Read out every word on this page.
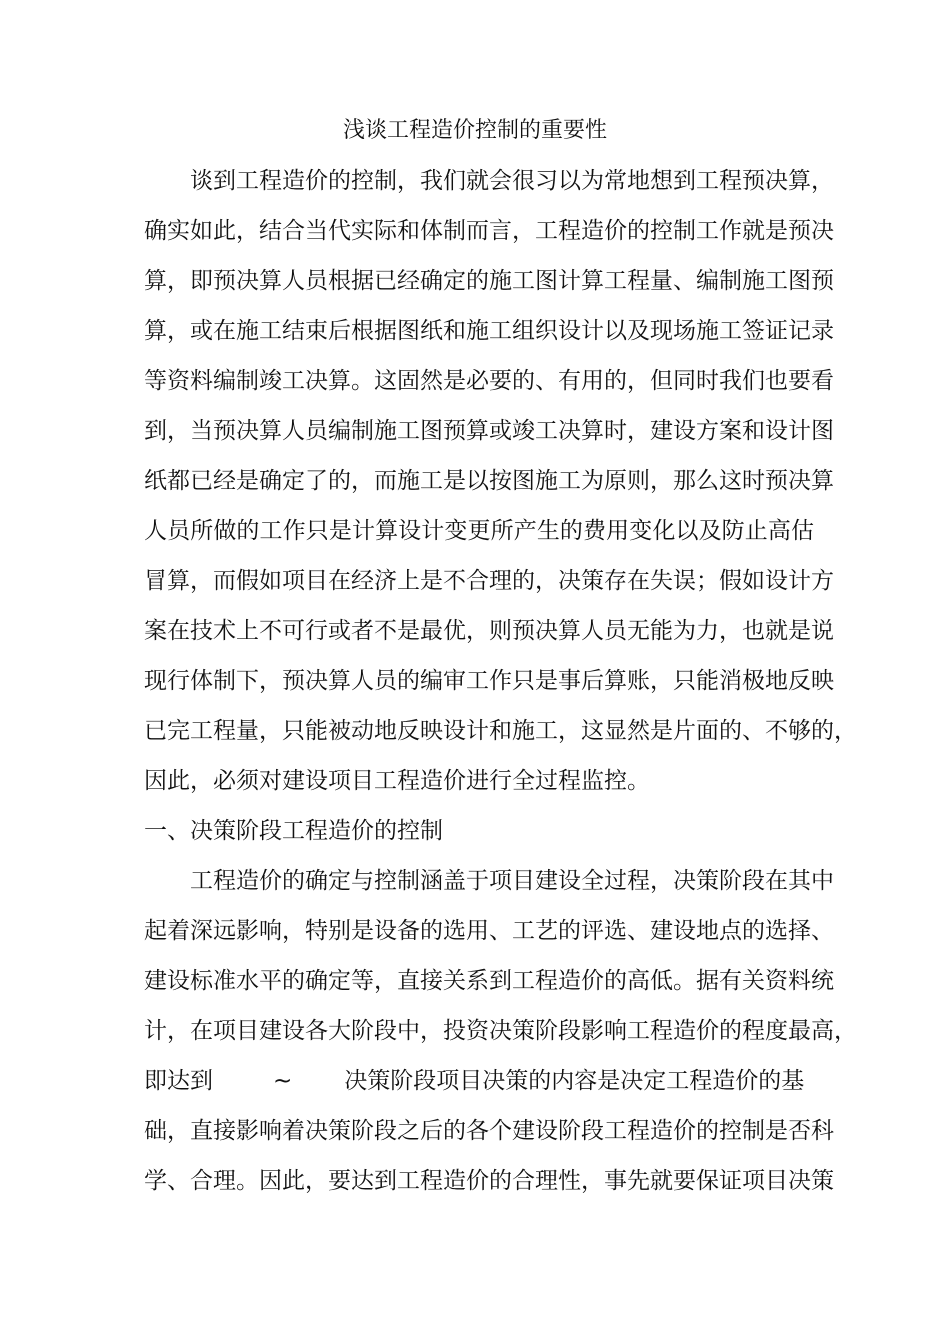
浅谈工程造价控制的重要性
谈到工程造价的控制，我们就会很习以为常地想到工程预决算，
确实如此，结合当代实际和体制而言，工程造价的控制工作就是预决
算，即预决算人员根据已经确定的施工图计算工程量、编制施工图预
算，或在施工结束后根据图纸和施工组织设计以及现场施工签证记录
等资料编制竣工决算。这固然是必要的、有用的，但同时我们也要看
到，当预决算人员编制施工图预算或竣工决算时，建设方案和设计图
纸都已经是确定了的，而施工是以按图施工为原则，那么这时预决算
人员所做的工作只是计算设计变更所产生的费用变化以及防止高估
冒算，而假如项目在经济上是不合理的，决策存在失误；假如设计方
案在技术上不可行或者不是最优，则预决算人员无能为力，也就是说
现行体制下，预决算人员的编审工作只是事后算账，只能消极地反映
已完工程量，只能被动地反映设计和施工，这显然是片面的、不够的，
因此，必须对建设项目工程造价进行全过程监控。
一、决策阶段工程造价的控制
工程造价的确定与控制涵盖于项目建设全过程，决策阶段在其中
起着深远影响，特别是设备的选用、工艺的评选、建设地点的选择、
建设标准水平的确定等，直接关系到工程造价的高低。据有关资料统
计，在项目建设各大阶段中，投资决策阶段影响工程造价的程度最高，
即达到	~ 决策阶段项目决策的内容是决定工程造价的基
础，直接影响着决策阶段之后的各个建设阶段工程造价的控制是否科
学、合理。因此，要达到工程造价的合理性，事先就要保证项目决策
